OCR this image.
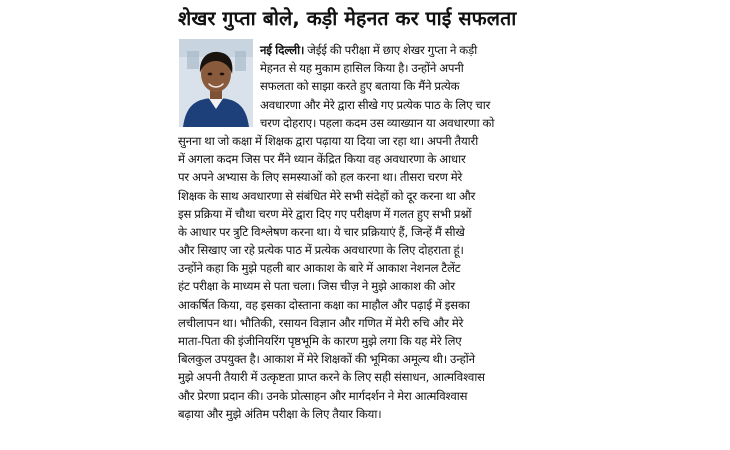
शेखर गुप्ता बोले, कड़ी मेहनत कर पाई सफलता
नई दिल्ली। जेईई की परीक्षा में छाए शेखर गुप्ता ने कड़ी
मेहनत से यह मुकाम हासिल किया है। उन्होंने अपनी
सफलता को साझा करते हुए बताया कि मैंने प्रत्येक
अवधारणा और मेरे द्वारा सीखे गए प्रत्येक पाठ के लिए चार
चरण दोहराए। पहला कदम उस व्याख्यान या अवधारणा को
सुनना था जो कक्षा में शिक्षक द्वारा पढ़ाया या दिया जा रहा था। अपनी तैयारी
में अगला कदम जिस पर मैंने ध्यान केंद्रित किया वह अवधारणा के आधार
पर अपने अभ्यास के लिए समस्याओं को हल करना था। तीसरा चरण मेरे
शिक्षक के साथ अवधारणा से संबंधित मेरे सभी संदेहों को दूर करना था और
इस प्रक्रिया में चौथा चरण मेरे द्वारा दिए गए परीक्षण में गलत हुए सभी प्रश्नों
के आधार पर त्रुटि विश्लेषण करना था। ये चार प्रक्रियाएं हैं, जिन्हें मैं सीखे
और सिखाए जा रहे प्रत्येक पाठ में प्रत्येक अवधारणा के लिए दोहराता हूं।
उन्होंने कहा कि मुझे पहली बार आकाश के बारे में आकाश नेशनल टैलेंट
हंट परीक्षा के माध्यम से पता चला। जिस चीज़ ने मुझे आकाश की ओर
आकर्षित किया, वह इसका दोस्ताना कक्षा का माहौल और पढ़ाई में इसका
लचीलापन था। भौतिकी, रसायन विज्ञान और गणित में मेरी रुचि और मेरे
माता-पिता की इंजीनियरिंग पृष्ठभूमि के कारण मुझे लगा कि यह मेरे लिए
बिलकुल उपयुक्त है। आकाश में मेरे शिक्षकों की भूमिका अमूल्य थी। उन्होंने
मुझे अपनी तैयारी में उत्कृष्टता प्राप्त करने के लिए सही संसाधन, आत्मविश्वास
और प्रेरणा प्रदान की। उनके प्रोत्साहन और मार्गदर्शन ने मेरा आत्मविश्वास
बढ़ाया और मुझे अंतिम परीक्षा के लिए तैयार किया।
